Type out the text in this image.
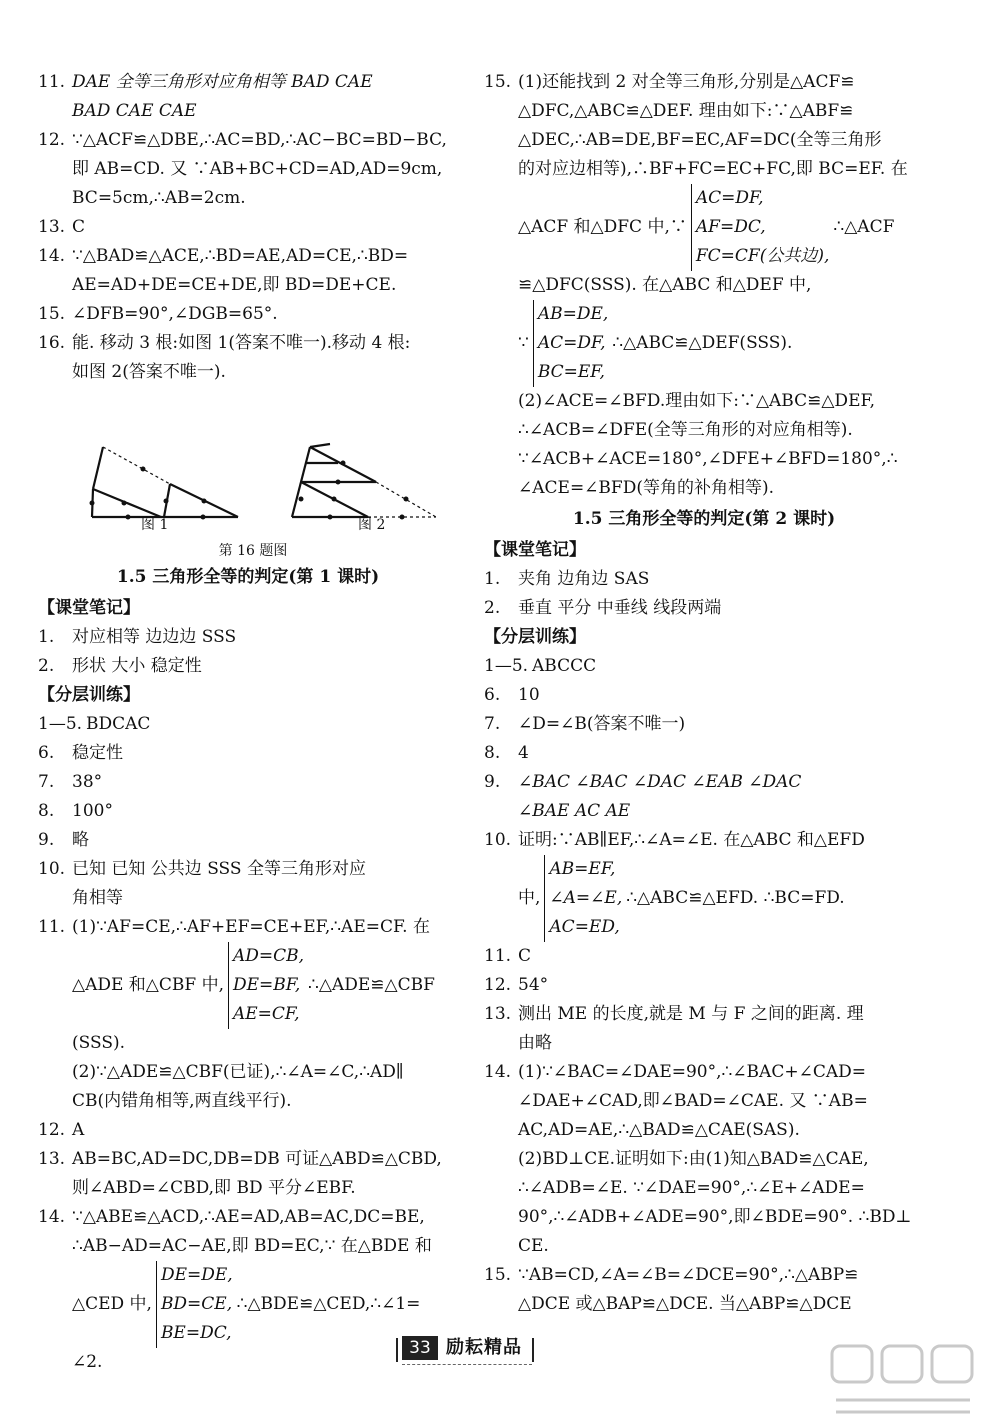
11. DAE 全等三角形对应角相等 BAD CAE
BAD CAE CAE
12. ∵△ACF≌△DBE,∴AC=BD,∴AC−BC=BD−BC,
即 AB=CD. 又 ∵AB+BC+CD=AD,AD=9cm,
BC=5cm,∴AB=2cm.
13. C
14. ∵△BAD≌△ACE,∴BD=AE,AD=CE,∴BD=
AE=AD+DE=CE+DE,即 BD=DE+CE.
15. ∠DFB=90°,∠DGB=65°.
16. 能. 移动 3 根:如图 1(答案不唯一).移动 4 根:
如图 2(答案不唯一).
图 1	图 2
第 16 题图
1.5 三角形全等的判定(第 1 课时)
【课堂笔记】
1.	对应相等 边边边 SSS
2.	形状 大小 稳定性
【分层训练】
1—5. BDCAC
6.	稳定性
7.	38°
8.	100°
9.	略
10. 已知 已知 公共边 SSS 全等三角形对应
角相等
11. (1)∵AF=CE,∴AF+EF=CE+EF,∴AE=CF. 在
△ADE 和△CBF 中,
AD=CB,
DE=BF,
AE=CF,
∴△ADE≌△CBF
(SSS).
(2)∵△ADE≌△CBF(已证),∴∠A=∠C,∴AD∥
CB(内错角相等,两直线平行).
12. A
13. AB=BC,AD=DC,DB=DB 可证△ABD≌△CBD,
则∠ABD=∠CBD,即 BD 平分∠EBF.
14. ∵△ABE≌△ACD,∴AE=AD,AB=AC,DC=BE,
∴AB−AD=AC−AE,即 BD=EC,∵ 在△BDE 和
△CED 中,
DE=DE,
BD=CE,
BE=DC,
∴△BDE≌△CED,∴∠1=
∠2.
15. (1)还能找到 2 对全等三角形,分别是△ACF≌
△DFC,△ABC≌△DEF. 理由如下:∵△ABF≌
△DEC,∴AB=DE,BF=EC,AF=DC(全等三角形
的对应边相等),∴BF+FC=EC+FC,即 BC=EF. 在
△ACF 和△DFC 中,∵
AC=DF,
AF=DC,
FC=CF(公共边),
∴△ACF
≌△DFC(SSS). 在△ABC 和△DEF 中,
∵
AB=DE,
AC=DF,
BC=EF,
∴△ABC≌△DEF(SSS).
(2)∠ACE=∠BFD.理由如下:∵△ABC≌△DEF,
∴∠ACB=∠DFE(全等三角形的对应角相等).
∵∠ACB+∠ACE=180°,∠DFE+∠BFD=180°,∴
∠ACE=∠BFD(等角的补角相等).
1.5 三角形全等的判定(第 2 课时)
【课堂笔记】
1.	夹角 边角边 SAS
2.	垂直 平分 中垂线 线段两端
【分层训练】
1—5. ABCCC
6.	10
7.	∠D=∠B(答案不唯一)
8.	4
9.	∠BAC ∠BAC ∠DAC ∠EAB ∠DAC
∠BAE AC AE
10. 证明:∵AB∥EF,∴∠A=∠E. 在△ABC 和△EFD
中,
AB=EF,
∠A=∠E,
AC=ED,
∴△ABC≌△EFD. ∴BC=FD.
11. C
12. 54°
13. 测出 ME 的长度,就是 M 与 F 之间的距离. 理
由略
14. (1)∵∠BAC=∠DAE=90°,∴∠BAC+∠CAD=
∠DAE+∠CAD,即∠BAD=∠CAE. 又 ∵AB=
AC,AD=AE,∴△BAD≌△CAE(SAS).
(2)BD⊥CE.证明如下:由(1)知△BAD≌△CAE,
∴∠ADB=∠E. ∵∠DAE=90°,∴∠E+∠ADE=
90°,∴∠ADB+∠ADE=90°,即∠BDE=90°. ∴BD⊥
CE.
15. ∵AB=CD,∠A=∠B=∠DCE=90°,∴△ABP≌
△DCE 或△BAP≌△DCE. 当△ABP≌△DCE
33 励耘精品
